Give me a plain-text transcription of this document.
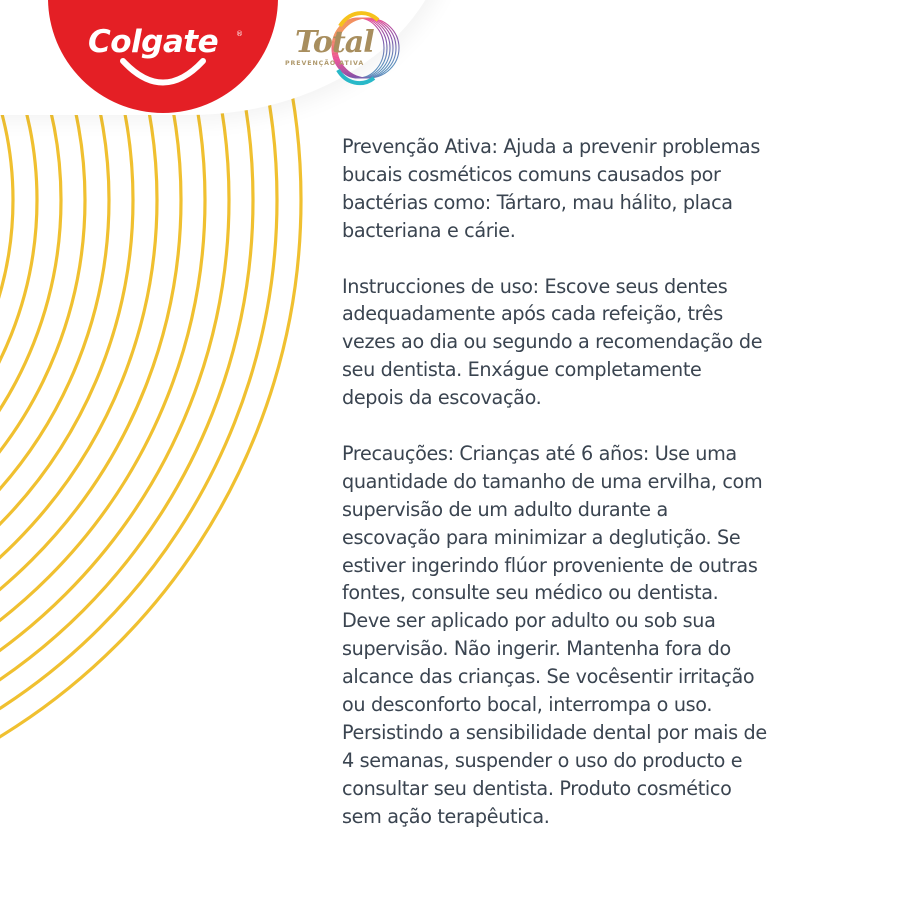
Colgate	® Total
PREVENÇÃO ATIVA

Prevenção Ativa: Ajuda a prevenir problemas
bucais cosméticos comuns causados por
bactérias como: Tártaro, mau hálito, placa
bacteriana e cárie.

Instrucciones de uso: Escove seus dentes
adequadamente após cada refeição, três
vezes ao dia ou segundo a recomendação de
seu dentista. Enxágue completamente
depois da escovação.

Precauções: Crianças até 6 años: Use uma
quantidade do tamanho de uma ervilha, com
supervisão de um adulto durante a
escovação para minimizar a deglutição. Se
estiver ingerindo flúor proveniente de outras
fontes, consulte seu médico ou dentista.
Deve ser aplicado por adulto ou sob sua
supervisão. Não ingerir. Mantenha fora do
alcance das crianças. Se vocêsentir irritação
ou desconforto bocal, interrompa o uso.
Persistindo a sensibilidade dental por mais de
4 semanas, suspender o uso do producto e
consultar seu dentista. Produto cosmético
sem ação terapêutica.
